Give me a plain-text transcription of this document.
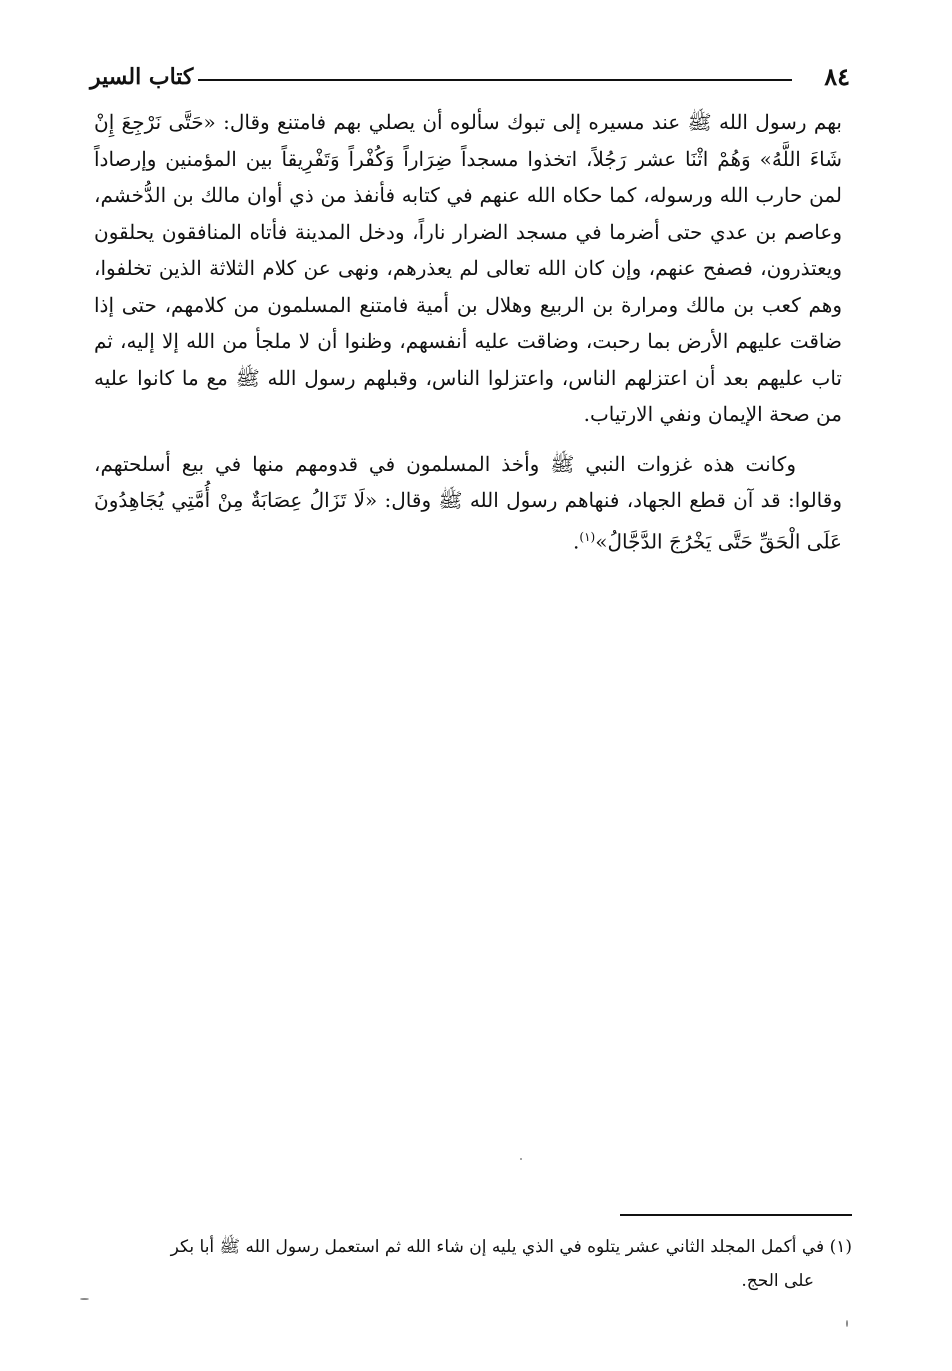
كتاب السير	٨٤

بهم رسول الله ﷺ عند مسيره إلى تبوك سألوه أن يصلي بهم فامتنع وقال: «حَتَّى نَرْجِعَ إِنْ شَاءَ اللَّهُ» وَهُمْ اثْنَا عشر رَجُلاً، اتخذوا مسجداً ضِرَاراً وَكُفْراً وَتَفْرِيقاً بين المؤمنين وإرصاداً لمن حارب الله ورسوله، كما حكاه الله عنهم في كتابه فأنفذ من ذي أوان مالك بن الدُّخشم، وعاصم بن عدي حتى أضرما في مسجد الضرار ناراً، ودخل المدينة فأتاه المنافقون يحلقون ويعتذرون، فصفح عنهم، وإن كان الله تعالى لم يعذرهم، ونهى عن كلام الثلاثة الذين تخلفوا، وهم كعب بن مالك ومرارة بن الربيع وهلال بن أمية فامتنع المسلمون من كلامهم، حتى إذا ضاقت عليهم الأرض بما رحبت، وضاقت عليه أنفسهم، وظنوا أن لا ملجأ من الله إلا إليه، ثم تاب عليهم بعد أن اعتزلهم الناس، واعتزلوا الناس، وقبلهم رسول الله ﷺ مع ما كانوا عليه من صحة الإيمان ونفي الارتياب.

وكانت هذه غزوات النبي ﷺ وأخذ المسلمون في قدومهم منها في بيع أسلحتهم، وقالوا: قد آن قطع الجهاد، فنهاهم رسول الله ﷺ وقال: «لَا تَزَالُ عِصَابَةٌ مِنْ أُمَّتِي يُجَاهِدُونَ عَلَى الْحَقِّ حَتَّى يَخْرُجَ الدَّجَّالُ»$^{(١)}$.

(١) في أكمل المجلد الثاني عشر يتلوه في الذي يليه إن شاء الله ثم استعمل رسول الله ﷺ أبا بكر

على الحج.
